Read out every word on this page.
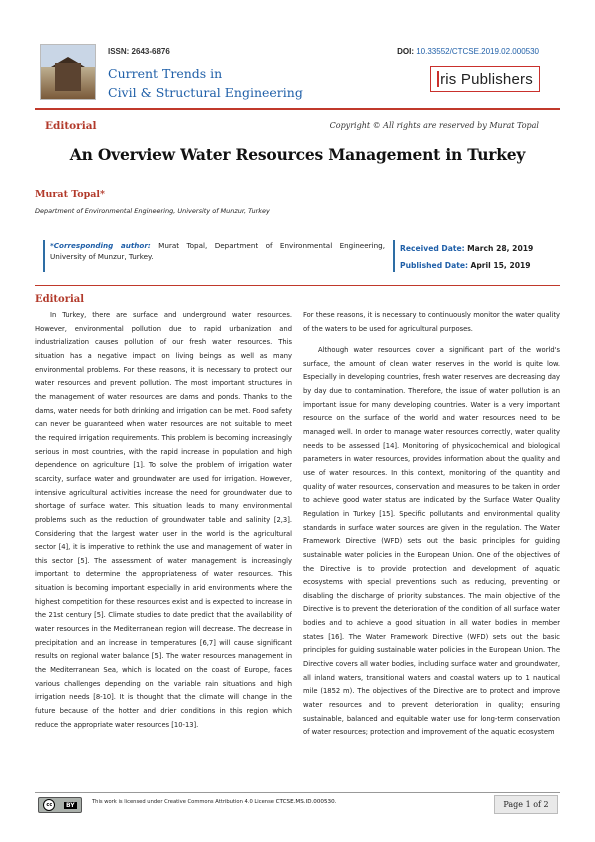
ISSN: 2643-6876
Current Trends in
Civil & Structural Engineering
DOI: 10.33552/CTCSE.2019.02.000530
ris Publishers
Editorial	Copyright © All rights are reserved by Murat Topal
An Overview Water Resources Management in Turkey
Murat Topal*
Department of Environmental Engineering, University of Munzur, Turkey
*Corresponding author: Murat Topal, Department of Environmental Engineering, University of Munzur, Turkey.
Received Date: March 28, 2019
Published Date: April 15, 2019
Editorial

In Turkey, there are surface and underground water resources. However, environmental pollution due to rapid urbanization and industrialization causes pollution of our fresh water resources. This situation has a negative impact on living beings as well as many environmental problems. For these reasons, it is necessary to protect our water resources and prevent pollution. The most important structures in the management of water resources are dams and ponds. Thanks to the dams, water needs for both drinking and irrigation can be met. Food safety can never be guaranteed when water resources are not suitable to meet the required irrigation requirements. This problem is becoming increasingly serious in most countries, with the rapid increase in population and high dependence on agriculture [1]. To solve the problem of irrigation water scarcity, surface water and groundwater are used for irrigation. However, intensive agricultural activities increase the need for groundwater due to shortage of surface water. This situation leads to many environmental problems such as the reduction of groundwater table and salinity [2,3]. Considering that the largest water user in the world is the agricultural sector [4], it is imperative to rethink the use and management of water in this sector [5]. The assessment of water management is increasingly important to determine the appropriateness of water resources. This situation is becoming important especially in arid environments where the highest competition for these resources exist and is expected to increase in the 21st century [5]. Climate studies to date predict that the availability of water resources in the Mediterranean region will decrease. The decrease in precipitation and an increase in temperatures [6,7] will cause significant results on regional water balance [5]. The water resources management in the Mediterranean Sea, which is located on the coast of Europe, faces various challenges depending on the variable rain situations and high irrigation needs [8-10]. It is thought that the climate will change in the future because of the hotter and drier conditions in this region which reduce the appropriate water resources [10-13].

For these reasons, it is necessary to continuously monitor the water quality of the waters to be used for agricultural purposes.

Although water resources cover a significant part of the world's surface, the amount of clean water reserves in the world is quite low. Especially in developing countries, fresh water reserves are decreasing day by day due to contamination. Therefore, the issue of water pollution is an important issue for many developing countries. Water is a very important resource on the surface of the world and water resources need to be managed well. In order to manage water resources correctly, water quality needs to be assessed [14]. Monitoring of physicochemical and biological parameters in water resources, provides information about the quality and use of water resources. In this context, monitoring of the quantity and quality of water resources, conservation and measures to be taken in order to achieve good water status are indicated by the Surface Water Quality Regulation in Turkey [15]. Specific pollutants and environmental quality standards in surface water sources are given in the regulation. The Water Framework Directive (WFD) sets out the basic principles for guiding sustainable water policies in the European Union. One of the objectives of the Directive is to provide protection and development of aquatic ecosystems with special preventions such as reducing, preventing or disabling the discharge of priority substances. The main objective of the Directive is to prevent the deterioration of the condition of all surface water bodies and to achieve a good situation in all water bodies in member states [16]. The Water Framework Directive (WFD) sets out the basic principles for guiding sustainable water policies in the European Union. The Directive covers all water bodies, including surface water and groundwater, all inland waters, transitional waters and coastal waters up to 1 nautical mile (1852 m). The objectives of the Directive are to protect and improve water resources and to prevent deterioration in quality; ensuring sustainable, balanced and equitable water use for long-term conservation of water resources; protection and improvement of the aquatic ecosystem

cc	BY	This work is licensed under Creative Commons Attribution 4.0 License CTCSE.MS.ID.000530.	Page 1 of 2
